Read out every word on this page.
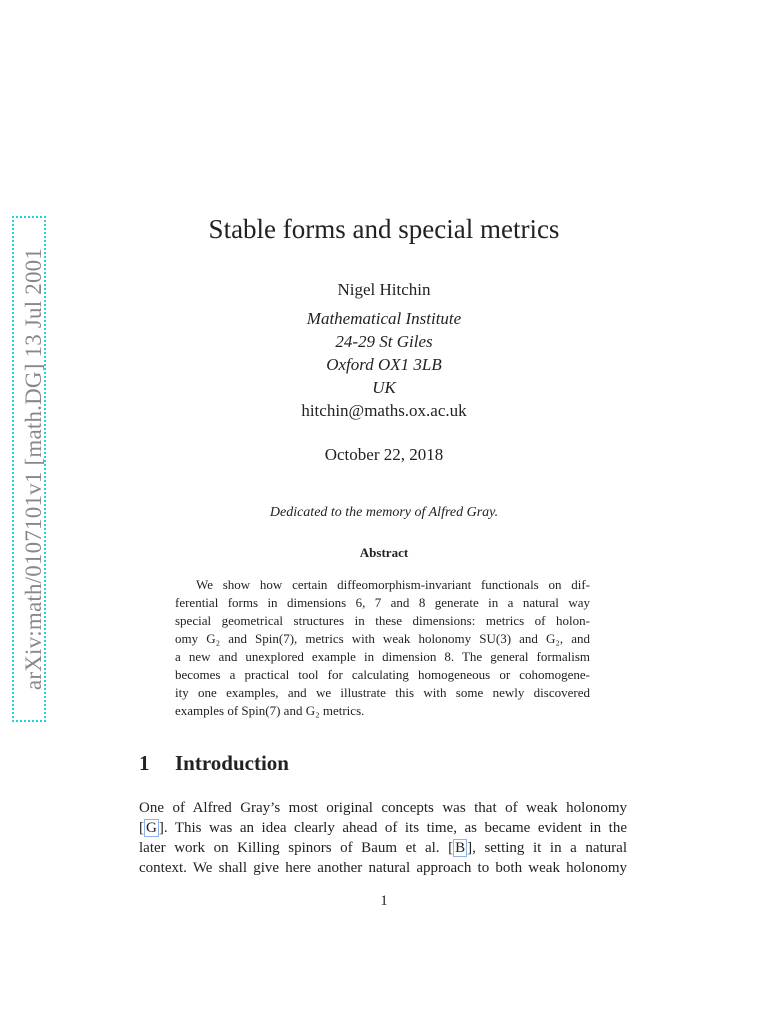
arXiv:math/0107101v1 [math.DG] 13 Jul 2001
Stable forms and special metrics
Nigel Hitchin
Mathematical Institute
24-29 St Giles
Oxford OX1 3LB
UK
hitchin@maths.ox.ac.uk
October 22, 2018
Dedicated to the memory of Alfred Gray.
Abstract
We show how certain diffeomorphism-invariant functionals on dif-
ferential forms in dimensions 6, 7 and 8 generate in a natural way
special geometrical structures in these dimensions: metrics of holon-
omy G₂ and Spin(7), metrics with weak holonomy SU(3) and G₂, and
a new and unexplored example in dimension 8. The general formalism
becomes a practical tool for calculating homogeneous or cohomogene-
ity one examples, and we illustrate this with some newly discovered
examples of Spin(7) and G₂ metrics.
1 Introduction
One of Alfred Gray’s most original concepts was that of weak holonomy
[ G ]. This was an idea clearly ahead of its time, as became evident in the
later work on Killing spinors of Baum et al. [ B ], setting it in a natural
context. We shall give here another natural approach to both weak holonomy
1
